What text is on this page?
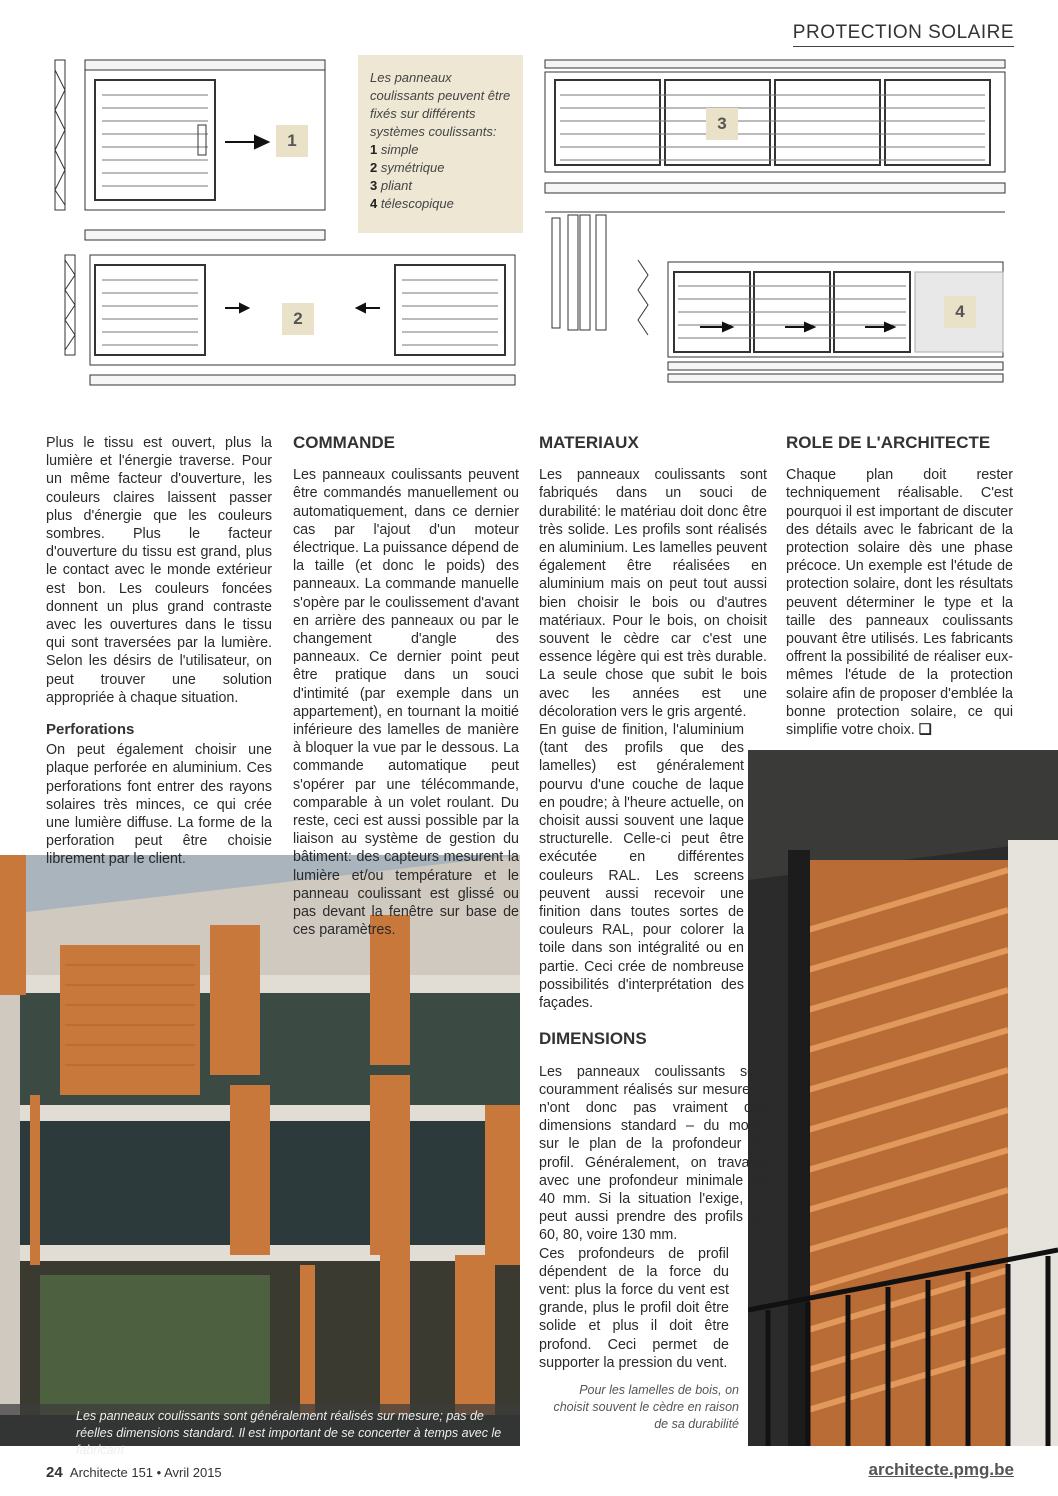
PROTECTION SOLAIRE
1
2
3
4
Les panneaux coulissants peuvent être fixés sur différents systèmes coulissants:
1 simple
2 symétrique
3 pliant
4 télescopique

Plus le tissu est ouvert, plus la lumière et l'énergie traverse. Pour un même facteur d'ouverture, les couleurs claires laissent passer plus d'énergie que les couleurs sombres. Plus le facteur d'ouverture du tissu est grand, plus le contact avec le monde extérieur est bon. Les couleurs foncées donnent un plus grand contraste avec les ouvertures dans le tissu qui sont traversées par la lumière. Selon les désirs de l'utilisateur, on peut trouver une solution appropriée à chaque situation.

Perforations

On peut également choisir une plaque perforée en aluminium. Ces perforations font entrer des rayons solaires très minces, ce qui crée une lumière diffuse. La forme de la perforation peut être choisie librement par le client.

COMMANDE

Les panneaux coulissants peuvent être commandés manuellement ou automatiquement, dans ce dernier cas par l'ajout d'un moteur électrique. La puissance dépend de la taille (et donc le poids) des panneaux. La commande manuelle s'opère par le coulissement d'avant en arrière des panneaux ou par le changement d'angle des panneaux. Ce dernier point peut être pratique dans un souci d'intimité (par exemple dans un appartement), en tournant la moitié inférieure des lamelles de manière à bloquer la vue par le dessous. La commande automatique peut s'opérer par une télécommande, comparable à un volet roulant. Du reste, ceci est aussi possible par la liaison au système de gestion du bâtiment: des capteurs mesurent la lumière et/ou température et le panneau coulissant est glissé ou pas devant la fenêtre sur base de ces paramètres.

MATERIAUX

Les panneaux coulissants sont fabriqués dans un souci de durabilité: le matériau doit donc être très solide. Les profils sont réalisés en aluminium. Les lamelles peuvent également être réalisées en aluminium mais on peut tout aussi bien choisir le bois ou d'autres matériaux. Pour le bois, on choisit souvent le cèdre car c'est une essence légère qui est très durable. La seule chose que subit le bois avec les années est une décoloration vers le gris argenté.

En guise de finition, l'aluminium (tant des profils que des lamelles) est généralement pourvu d'une couche de laque en poudre; à l'heure actuelle, on choisit aussi souvent une laque structurelle. Celle-ci peut être exécutée en différentes couleurs RAL. Les screens peuvent aussi recevoir une finition dans toutes sortes de couleurs RAL, pour colorer la toile dans son intégralité ou en partie. Ceci crée de nombreuse possibilités d'interprétation des façades.

DIMENSIONS

Les panneaux coulissants sont couramment réalisés sur mesure et n'ont donc pas vraiment des dimensions standard – du moins sur le plan de la profondeur du profil. Généralement, on travaille avec une profondeur minimale de 40 mm. Si la situation l'exige, on peut aussi prendre des profils de 60, 80, voire 130 mm.

Ces profondeurs de profil dépendent de la force du vent: plus la force du vent est grande, plus le profil doit être solide et plus il doit être profond. Ceci permet de supporter la pression du vent.

ROLE DE L'ARCHITECTE

Chaque plan doit rester techniquement réalisable. C'est pourquoi il est important de discuter des détails avec le fabricant de la protection solaire dès une phase précoce. Un exemple est l'étude de protection solaire, dont les résultats peuvent déterminer le type et la taille des panneaux coulissants pouvant être utilisés. Les fabricants offrent la possibilité de réaliser eux-mêmes l'étude de la protection solaire afin de proposer d'emblée la bonne protection solaire, ce qui simplifie votre choix. ❑

Les panneaux coulissants sont généralement réalisés sur mesure; pas de réelles dimensions standard. Il est important de se concerter à temps avec le fabricant
Pour les lamelles de bois, on choisit souvent le cèdre en raison de sa durabilité
24 Architecte 151 • Avril 2015	architecte.pmg.be
